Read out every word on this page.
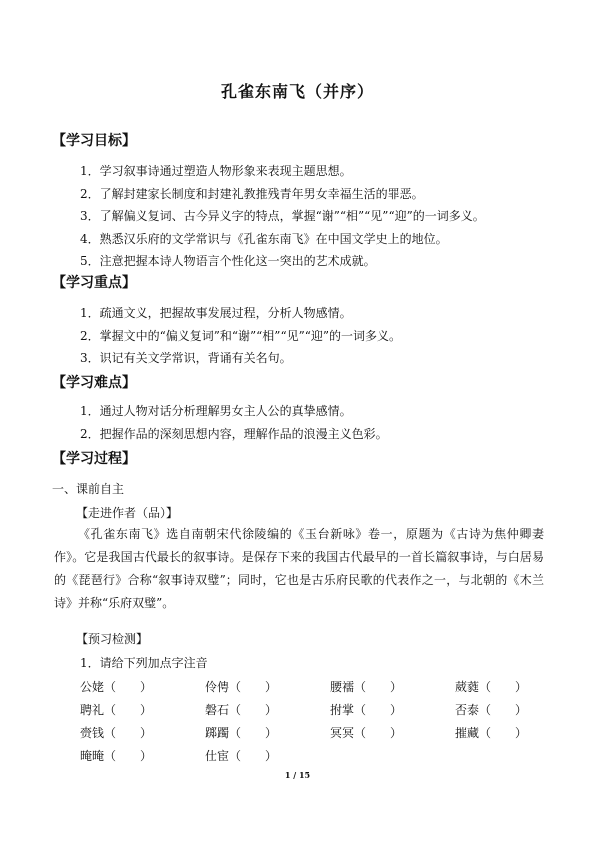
孔雀东南飞（并序）
【学习目标】
1．学习叙事诗通过塑造人物形象来表现主题思想。
2．了解封建家长制度和封建礼教推残青年男女幸福生活的罪恶。
3．了解偏义复词、古今异义字的特点，掌握“谢”“相”“见”“迎”的一词多义。
4．熟悉汉乐府的文学常识与《孔雀东南飞》在中国文学史上的地位。
5．注意把握本诗人物语言个性化这一突出的艺术成就。
【学习重点】
1．疏通文义，把握故事发展过程，分析人物感情。
2．掌握文中的“偏义复词”和“谢”“相”“见”“迎”的一词多义。
3．识记有关文学常识，背诵有关名句。
【学习难点】
1．通过人物对话分析理解男女主人公的真挚感情。
2．把握作品的深刻思想内容，理解作品的浪漫主义色彩。
【学习过程】
一、课前自主
【走进作者（品）】
《孔雀东南飞》选自南朝宋代徐陵编的《玉台新咏》卷一，原题为《古诗为焦仲卿妻作》。它是我国古代最长的叙事诗。是保存下来的我国古代最早的一首长篇叙事诗，与白居易的《琵琶行》合称“叙事诗双璧”；同时，它也是古乐府民歌的代表作之一，与北朝的《木兰诗》并称“乐府双璧”。
【预习检测】
1．请给下列加点字注音
公姥（　　）	伶俜（　　）	腰襦（　　）	葳蕤（　　）
聘礼（　　）	磐石（　　）	拊掌（　　）	否泰（　　）
赍钱（　　）	踯躅（　　）	冥冥（　　）	摧藏（　　）
晻晻（　　）	仕宦（　　）
1 / 15
